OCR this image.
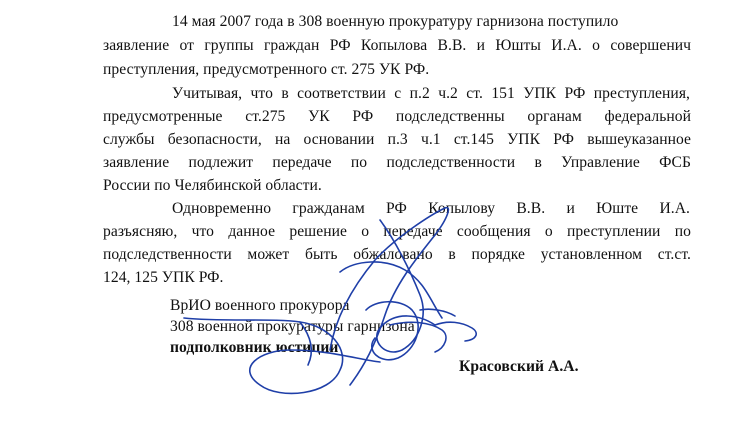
14 мая 2007 года в 308 военную прокуратуру гарнизона поступило
заявление от группы граждан РФ Копылова В.В. и Юшты И.А. о совершенич
преступления, предусмотренного ст. 275 УК РФ.
Учитывая, что в соответствии с п.2 ч.2 ст. 151 УПК РФ преступления,
предусмотренные ст.275 УК РФ подследственны органам федеральной
службы безопасности, на основании п.3 ч.1 ст.145 УПК РФ вышеуказанное
заявление подлежит передаче по подследственности в Управление ФСБ
России по Челябинской области.
Одновременно гражданам РФ Копылову В.В. и Юште И.А.
разъясняю, что данное решение о передаче сообщения о преступлении по
подследственности может быть обжаловано в порядке установленном ст.ст.
124, 125 УПК РФ.
ВрИО военного прокурора
308 военной прокуратуры гарнизона
подполковник юстиции
Красовский А.А.
